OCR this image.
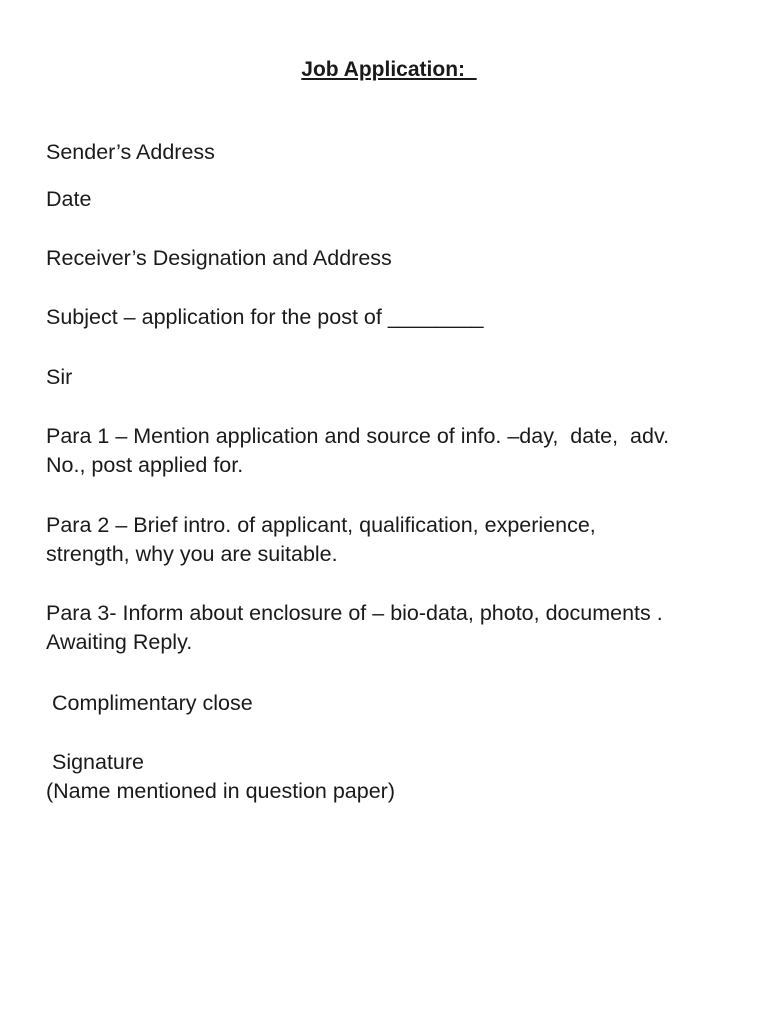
Job Application:
Sender’s Address
Date
Receiver’s Designation and Address
Subject – application for the post of ________
Sir
Para 1 – Mention application and source of info. –day,  date,  adv.
No., post applied for.
Para 2 – Brief intro. of applicant, qualification, experience,
strength, why you are suitable.
Para 3- Inform about enclosure of – bio-data, photo, documents .
Awaiting Reply.
Complimentary close
Signature
(Name mentioned in question paper)
